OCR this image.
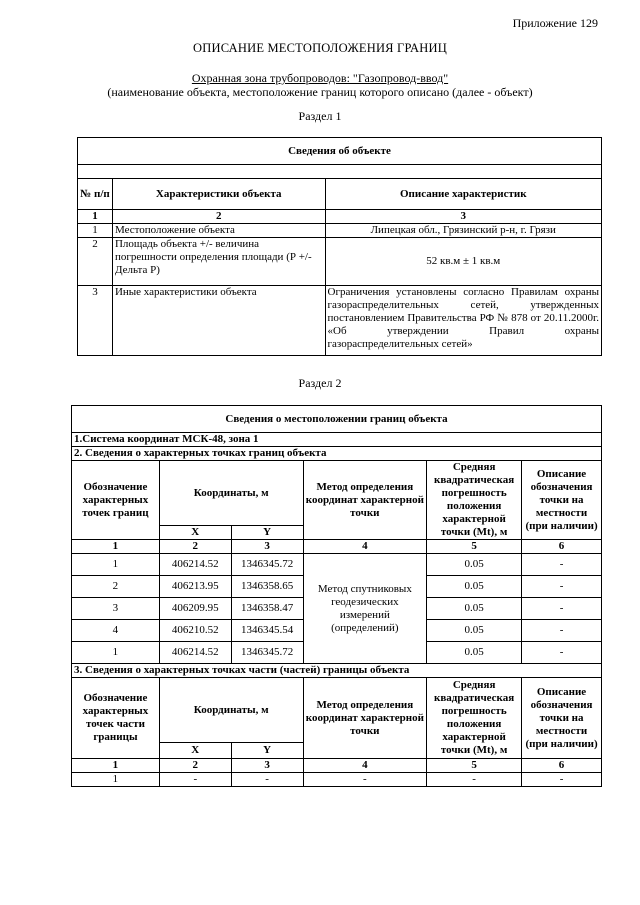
Приложение 129
ОПИСАНИЕ МЕСТОПОЛОЖЕНИЯ ГРАНИЦ
Охранная зона трубопроводов: "Газопровод-ввод"
(наименование объекта, местоположение границ которого описано (далее - объект)
Раздел 1
Сведения об объекте		

№ п/п	Характеристики объекта	Описание характеристик
1	2	3
1	Местоположение объекта	Липецкая обл., Грязинский р-н, г. Грязи
2	Площадь объекта +/- величина погрешности определения площади (Р +/- Дельта Р)	52 кв.м ± 1 кв.м
3	Иные характеристики объекта	Ограничения установлены согласно Правилам охраны газораспределительных сетей, утвержденных постановлением Правительства РФ № 878 от 20.11.2000г. «Об утверждении Правил охраны газораспределительных сетей»
Раздел 2
Сведения о местоположении границ объекта					
1.Система координат МСК-48, зона 1					
2. Сведения о характерных точках границ объекта					
Обозначение характерных точек границ	Координаты, м		Метод определения координат характерной точки	Средняя квадратическая погрешность положения характерной точки (Mt), м	Описание обозначения точки на местности (при наличии)
	X	Y			
1	2	3	4	5	6
1	406214.52	1346345.72	Метод спутниковых геодезических измерений (определений)	0.05	-
2	406213.95	1346358.65		0.05	-
3	406209.95	1346358.47		0.05	-
4	406210.52	1346345.54		0.05	-
1	406214.52	1346345.72		0.05	-
3. Сведения о характерных точках части (частей) границы объекта					
Обозначение характерных точек части границы	Координаты, м		Метод определения координат характерной точки	Средняя квадратическая погрешность положения характерной точки (Mt), м	Описание обозначения точки на местности (при наличии)
	X	Y			
1	2	3	4	5	6
1	-	-	-	-	-
